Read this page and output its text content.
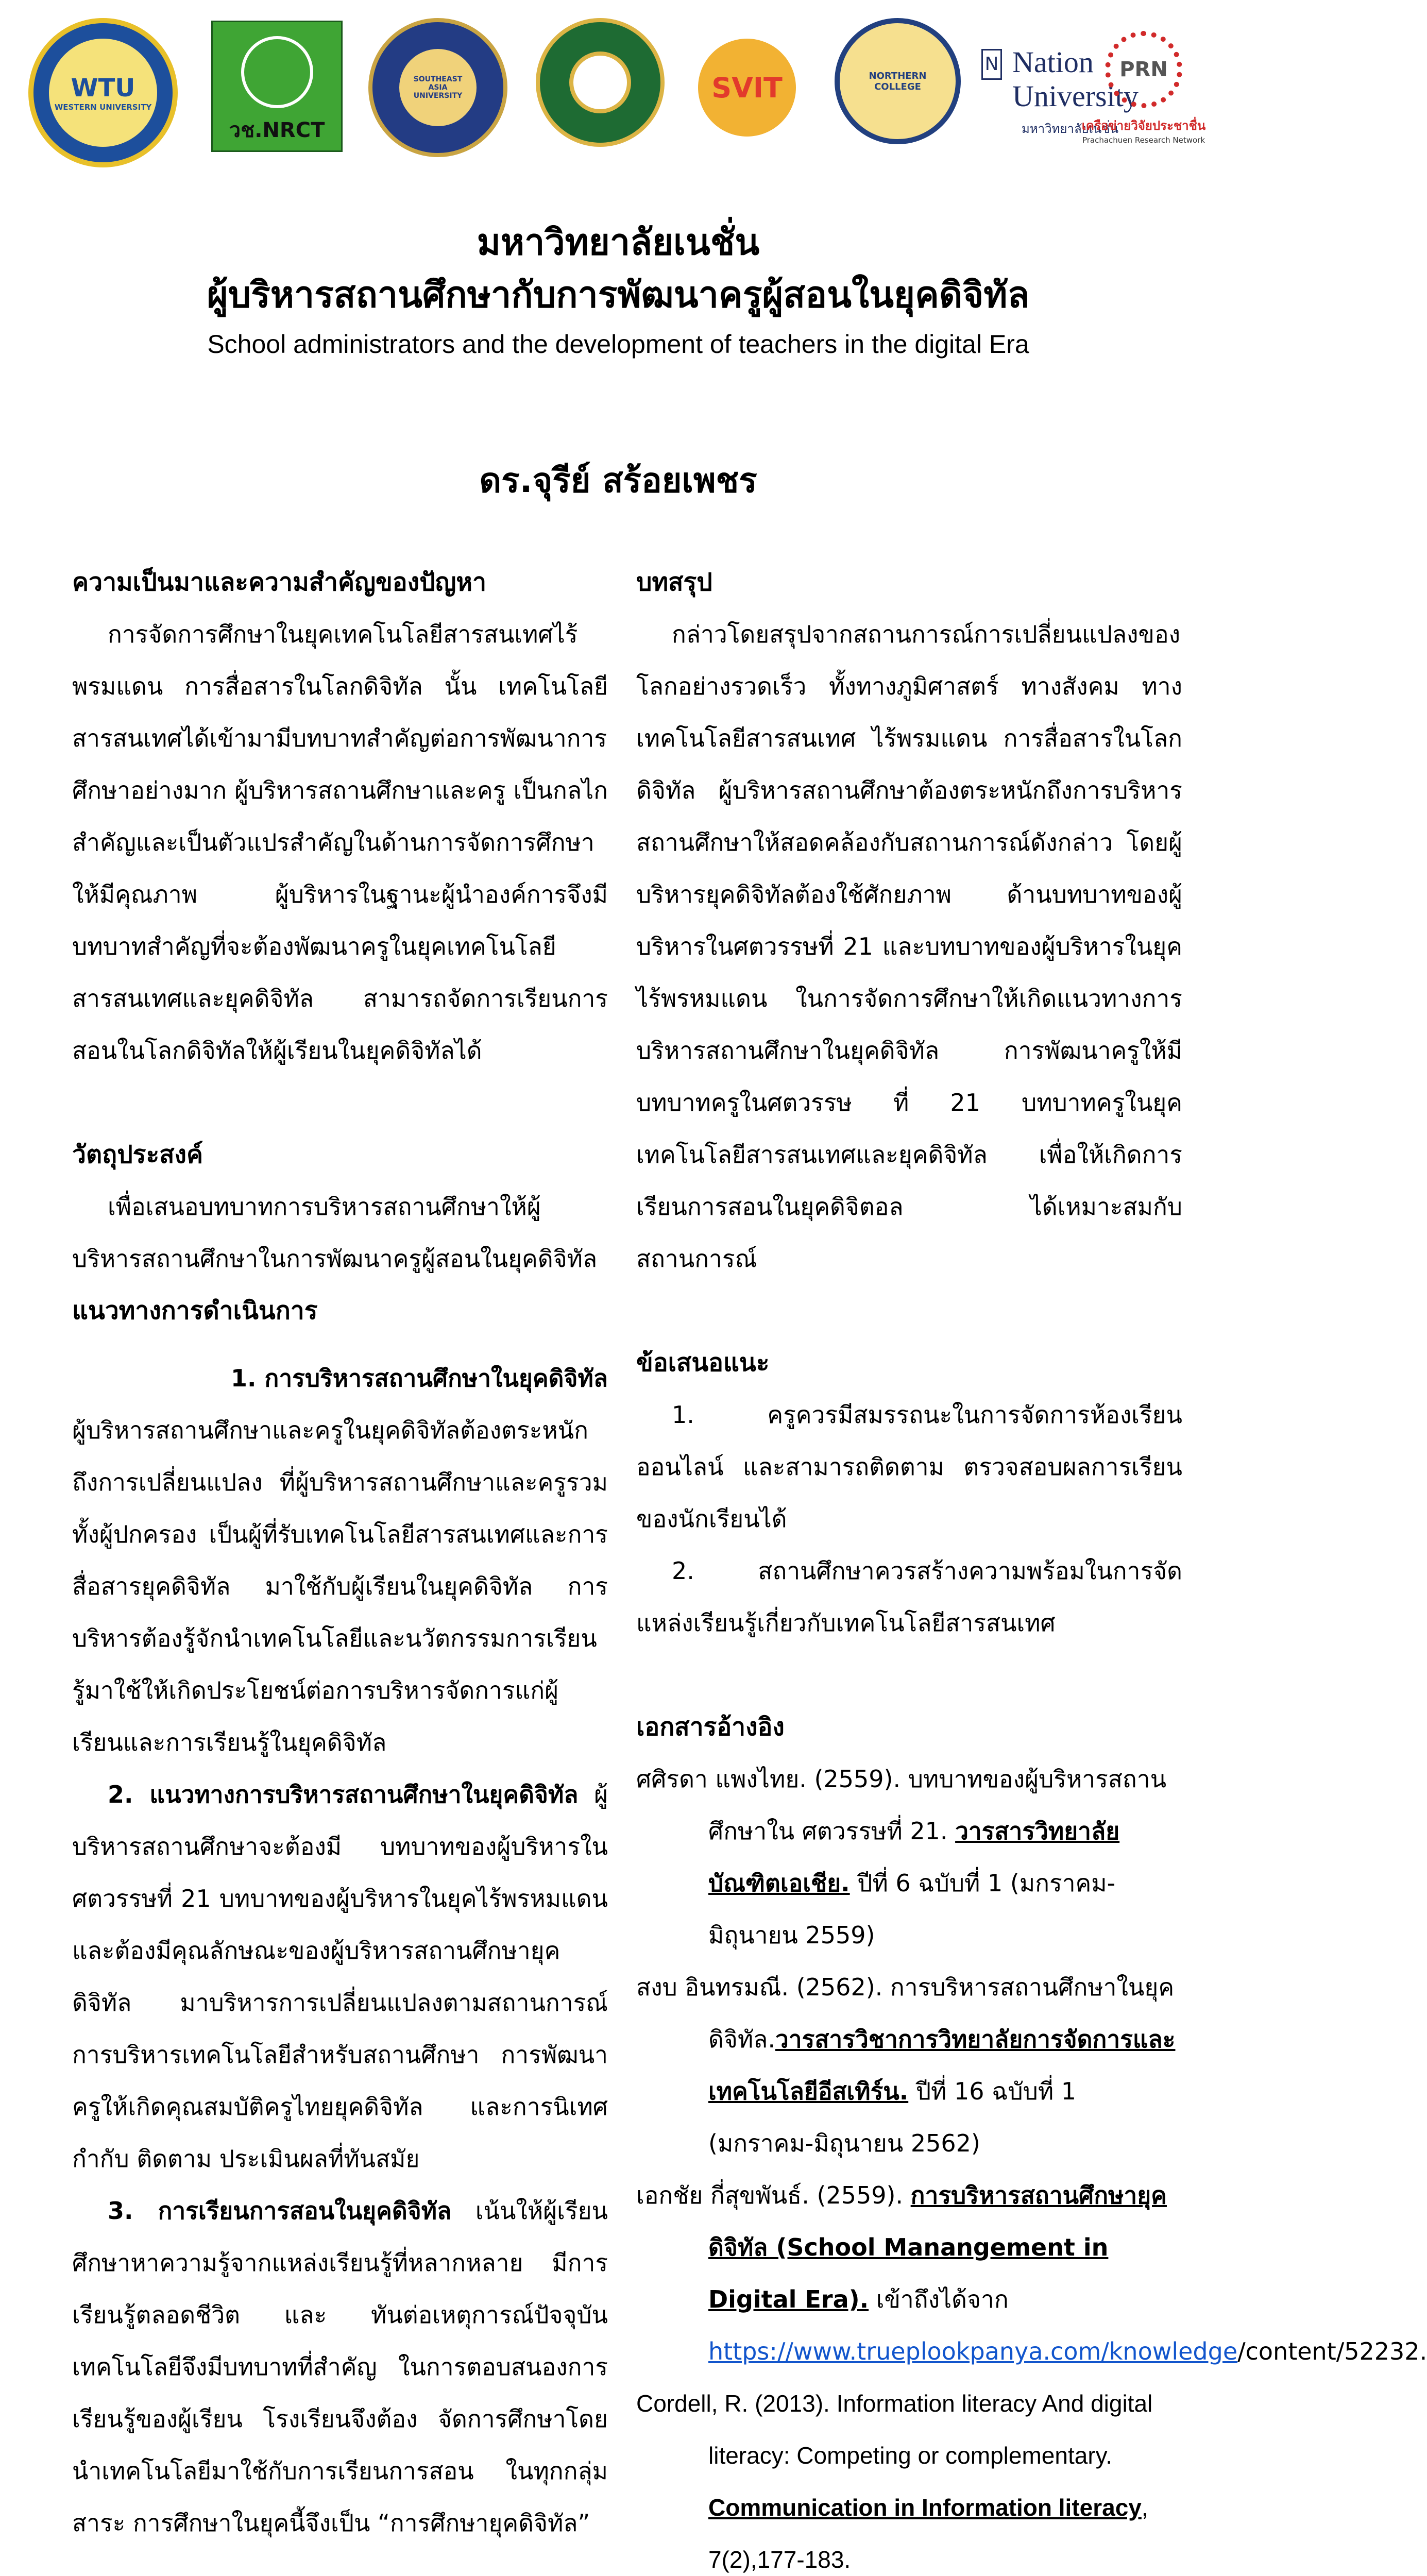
WTU
WESTERN UNIVERSITY
วช.NRCT
SOUTHEAST ASIA UNIVERSITY	SVIT	NORTHERN COLLEGE
N Nation
University
มหาวิทยาลัยเนชั่น
PRN
เครือข่ายวิจัยประชาชื่น
Prachachuen Research Network
มหาวิทยาลัยเนชั่น
ผู้บริหารสถานศึกษากับการพัฒนาครูผู้สอนในยุคดิจิทัล
School administrators and the development of teachers in the digital Era
ดร.จุรีย์ สร้อยเพชร
ความเป็นมาและความสำคัญของปัญหา

การจัดการศึกษาในยุคเทคโนโลยีสารสนเทศไร้พรมแดน การสื่อสารในโลกดิจิทัล นั้น เทคโนโลยีสารสนเทศได้เข้ามามีบทบาทสำคัญต่อการพัฒนาการศึกษาอย่างมาก ผู้บริหารสถานศึกษาและครู เป็นกลไกสำคัญและเป็นตัวแปรสำคัญในด้านการจัดการศึกษาให้มีคุณภาพ ผู้บริหารในฐานะผู้นำองค์การจึงมีบทบาทสำคัญที่จะต้องพัฒนาครูในยุคเทคโนโลยีสารสนเทศและยุคดิจิทัล สามารถจัดการเรียนการสอนในโลกดิจิทัลให้ผู้เรียนในยุคดิจิทัลได้

วัตถุประสงค์

เพื่อเสนอบทบาทการบริหารสถานศึกษาให้ผู้บริหารสถานศึกษาในการพัฒนาครูผู้สอนในยุคดิจิทัล

แนวทางการดำเนินการ
1. การบริหารสถานศึกษาในยุคดิจิทัล

ผู้บริหารสถานศึกษาและครูในยุคดิจิทัลต้องตระหนักถึงการเปลี่ยนแปลง ที่ผู้บริหารสถานศึกษาและครูรวมทั้งผู้ปกครอง เป็นผู้ที่รับเทคโนโลยีสารสนเทศและการสื่อสารยุคดิจิทัล มาใช้กับผู้เรียนในยุคดิจิทัล การบริหารต้องรู้จักนำเทคโนโลยีและนวัตกรรมการเรียนรู้มาใช้ให้เกิดประโยชน์ต่อการบริหารจัดการแก่ผู้เรียนและการเรียนรู้ในยุคดิจิทัล

2. แนวทางการบริหารสถานศึกษาในยุคดิจิทัล ผู้บริหารสถานศึกษาจะต้องมี บทบาทของผู้บริหารในศตวรรษที่ 21 บทบาทของผู้บริหารในยุคไร้พรหมแดน และต้องมีคุณลักษณะของผู้บริหารสถานศึกษายุคดิจิทัล มาบริหารการเปลี่ยนแปลงตามสถานการณ์ การบริหารเทคโนโลยีสำหรับสถานศึกษา การพัฒนาครูให้เกิดคุณสมบัติครูไทยยุคดิจิทัล และการนิเทศ กำกับ ติดตาม ประเมินผลที่ทันสมัย

3. การเรียนการสอนในยุคดิจิทัล เน้นให้ผู้เรียนศึกษาหาความรู้จากแหล่งเรียนรู้ที่หลากหลาย มีการเรียนรู้ตลอดชีวิต และ ทันต่อเหตุการณ์ปัจจุบัน เทคโนโลยีจึงมีบทบาทที่สำคัญ ในการตอบสนองการเรียนรู้ของผู้เรียน โรงเรียนจึงต้อง จัดการศึกษาโดยนำเทคโนโลยีมาใช้กับการเรียนการสอน ในทุกกลุ่มสาระ การศึกษาในยุคนี้จึงเป็น “การศึกษายุคดิจิทัล”

บทสรุป

กล่าวโดยสรุปจากสถานการณ์การเปลี่ยนแปลงของโลกอย่างรวดเร็ว ทั้งทางภูมิศาสตร์ ทางสังคม ทางเทคโนโลยีสารสนเทศ ไร้พรมแดน การสื่อสารในโลกดิจิทัล ผู้บริหารสถานศึกษาต้องตระหนักถึงการบริหารสถานศึกษาให้สอดคล้องกับสถานการณ์ดังกล่าว โดยผู้บริหารยุคดิจิทัลต้องใช้ศักยภาพ ด้านบทบาทของผู้บริหารในศตวรรษที่ 21 และบทบาทของผู้บริหารในยุค ไร้พรหมแดน ในการจัดการศึกษาให้เกิดแนวทางการบริหารสถานศึกษาในยุคดิจิทัล การพัฒนาครูให้มีบทบาทครูในศตวรรษ ที่ 21 บทบาทครูในยุคเทคโนโลยีสารสนเทศและยุคดิจิทัล เพื่อให้เกิดการเรียนการสอนในยุคดิจิตอล ได้เหมาะสมกับสถานการณ์

ข้อเสนอแนะ

1. ครูควรมีสมรรถนะในการจัดการห้องเรียนออนไลน์ และสามารถติดตาม ตรวจสอบผลการเรียนของนักเรียนได้

2. สถานศึกษาควรสร้างความพร้อมในการจัดแหล่งเรียนรู้เกี่ยวกับเทคโนโลยีสารสนเทศ

เอกสารอ้างอิง

ศศิรดา แพงไทย. (2559). บทบาทของผู้บริหารสถานศึกษาใน ศตวรรษที่ 21. วารสารวิทยาลัยบัณฑิตเอเชีย. ปีที่ 6 ฉบับที่ 1 (มกราคม-มิถุนายน 2559)

สงบ อินทรมณี. (2562). การบริหารสถานศึกษาในยุคดิจิทัล.วารสารวิชาการวิทยาลัยการจัดการและเทคโนโลยีอีสเทิร์น. ปีที่ 16 ฉบับที่ 1 (มกราคม-มิถุนายน 2562)

เอกชัย กี่สุขพันธ์. (2559). การบริหารสถานศึกษายุคดิจิทัล (School Manangement in Digital Era). เข้าถึงได้จาก https://www.trueplookpanya.com/knowledge/content/52232.

Cordell, R. (2013). Information literacy And digital literacy: Competing or complementary. Communication in Information literacy, 7(2),177-183.
